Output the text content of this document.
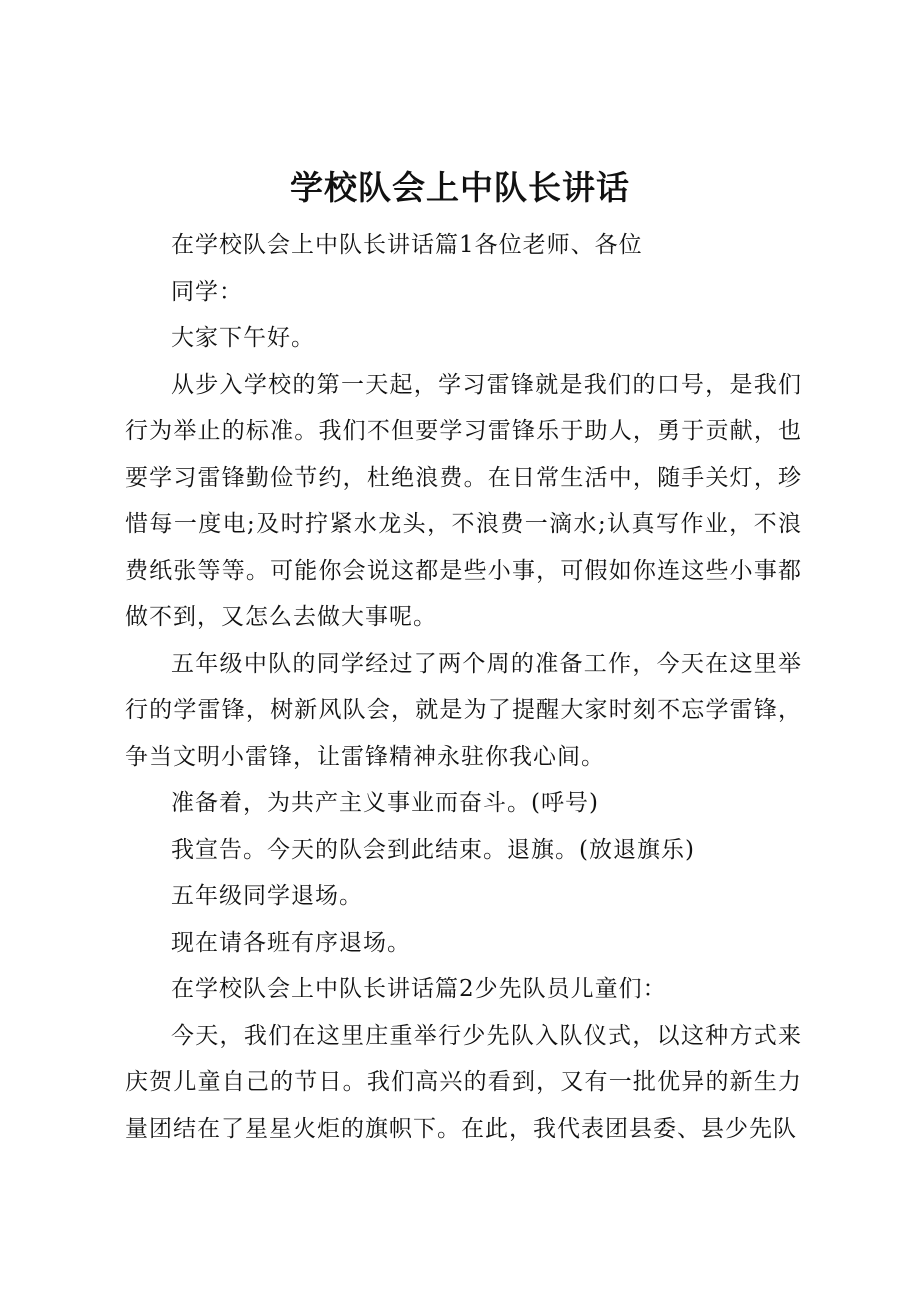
学校队会上中队长讲话

在学校队会上中队长讲话篇1各位老师、各位

同学：

大家下午好。

从步入学校的第一天起，学习雷锋就是我们的口号，是我们行为举止的标准。我们不但要学习雷锋乐于助人，勇于贡献，也要学习雷锋勤俭节约，杜绝浪费。在日常生活中，随手关灯，珍惜每一度电;及时拧紧水龙头，不浪费一滴水;认真写作业，不浪费纸张等等。可能你会说这都是些小事，可假如你连这些小事都做不到，又怎么去做大事呢。

五年级中队的同学经过了两个周的准备工作，今天在这里举行的学雷锋，树新风队会，就是为了提醒大家时刻不忘学雷锋，争当文明小雷锋，让雷锋精神永驻你我心间。

准备着，为共产主义事业而奋斗。(呼号)

我宣告。今天的队会到此结束。退旗。(放退旗乐)

五年级同学退场。

现在请各班有序退场。

在学校队会上中队长讲话篇2少先队员儿童们：

今天，我们在这里庄重举行少先队入队仪式，以这种方式来庆贺儿童自己的节日。我们高兴的看到，又有一批优异的新生力量团结在了星星火炬的旗帜下。在此，我代表团县委、县少先队
